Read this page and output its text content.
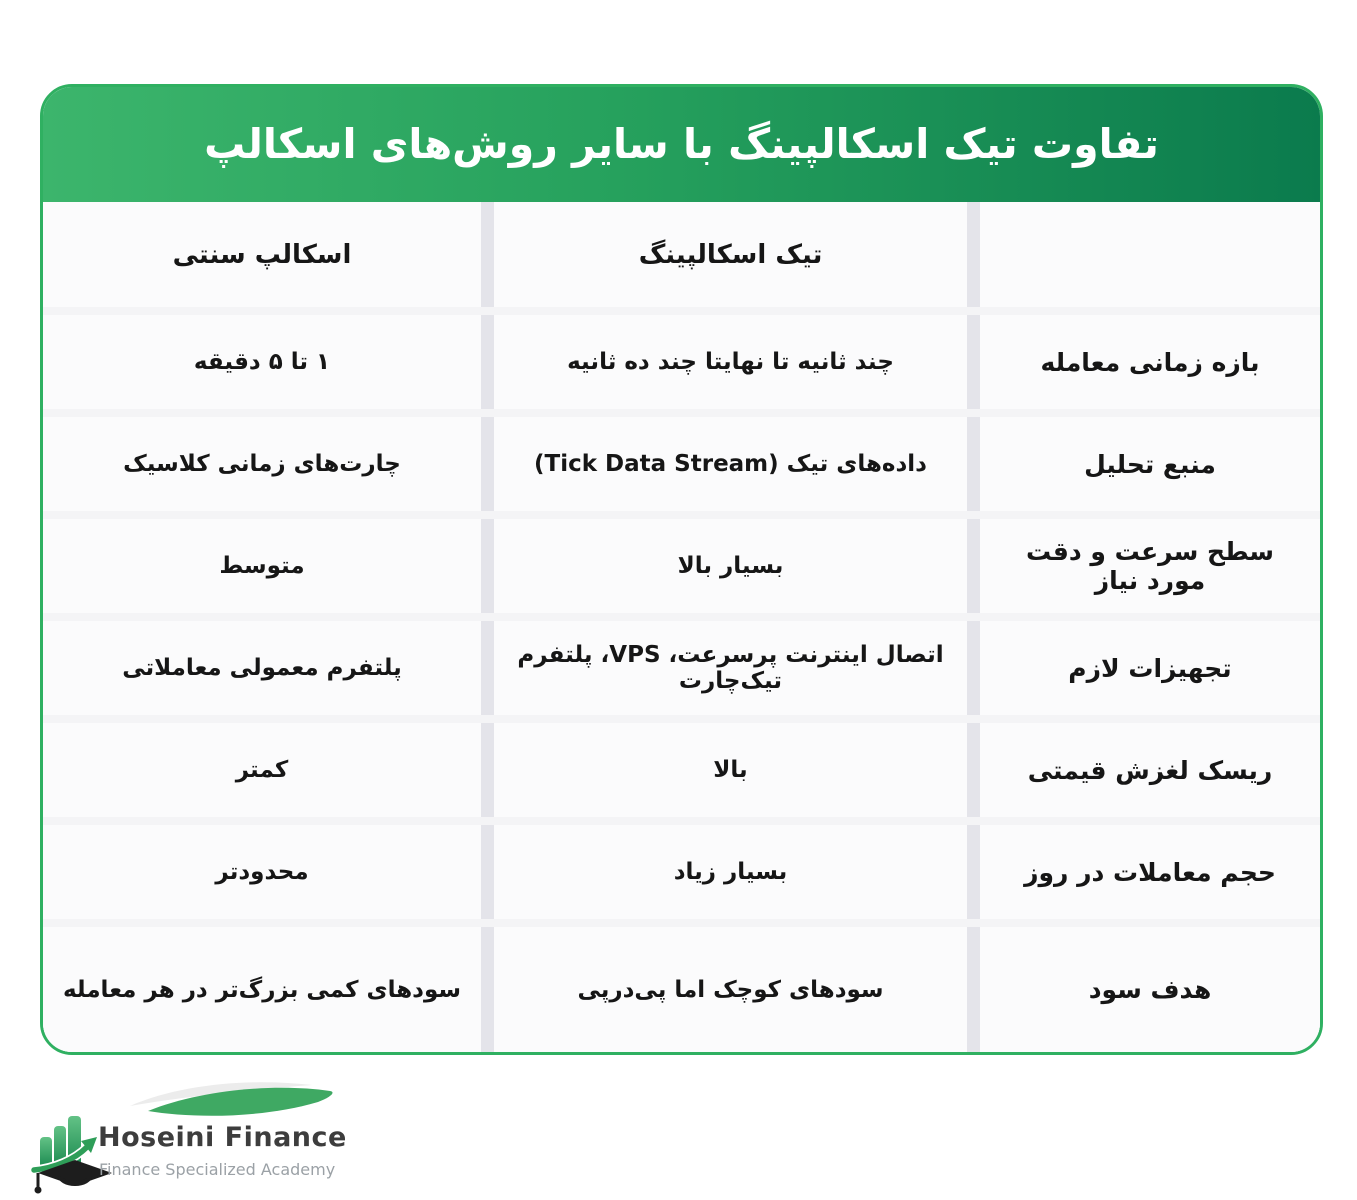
تفاوت تیک اسکالپینگ با سایر روش‌های اسکالپ
تیک اسکالپینگ
اسکالپ سنتی
بازه زمانی معامله
چند ثانیه تا نهایتا چند ده ثانیه
۱ تا ۵ دقیقه
منبع تحلیل
داده‌های تیک (Tick Data Stream)
چارت‌های زمانی کلاسیک
سطح سرعت و دقت مورد نیاز
بسیار بالا
متوسط
تجهیزات لازم
اتصال اینترنت پرسرعت، VPS، پلتفرم تیک‌چارت
پلتفرم معمولی معاملاتی
ریسک لغزش قیمتی
بالا
کمتر
حجم معاملات در روز
بسیار زیاد
محدودتر
هدف سود
سودهای کوچک اما پی‌درپی
سودهای کمی بزرگ‌تر در هر معامله
Hoseini Finance
Finance Specialized Academy
